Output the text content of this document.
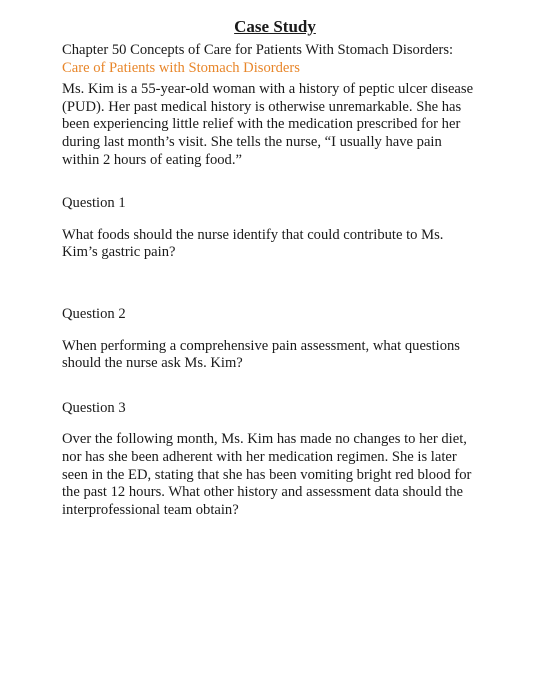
Case Study

Chapter 50 Concepts of Care for Patients With Stomach Disorders: Care of Patients with Stomach Disorders

Ms. Kim is a 55-year-old woman with a history of peptic ulcer disease (PUD). Her past medical history is otherwise unremarkable. She has been experiencing little relief with the medication prescribed for her during last month’s visit. She tells the nurse, “I usually have pain within 2 hours of eating food.”

Question 1

What foods should the nurse identify that could contribute to Ms. Kim’s gastric pain?

Question 2

When performing a comprehensive pain assessment, what questions should the nurse ask Ms. Kim?

Question 3

Over the following month, Ms. Kim has made no changes to her diet, nor has she been adherent with her medication regimen. She is later seen in the ED, stating that she has been vomiting bright red blood for the past 12 hours. What other history and assessment data should the interprofessional team obtain?
